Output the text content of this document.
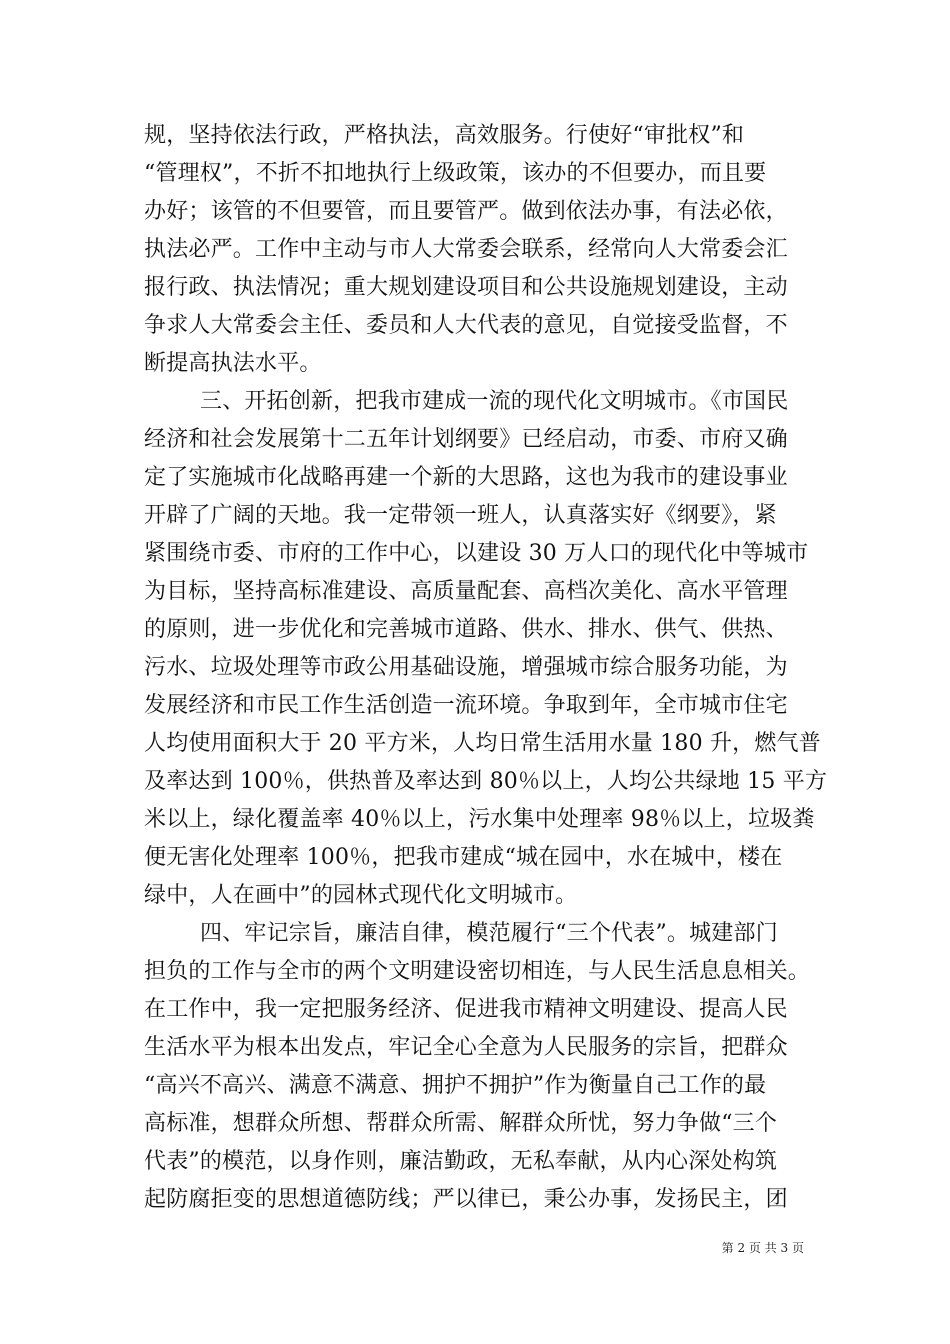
规，坚持依法行政，严格执法，高效服务。行使好“审批权”和
“管理权”，不折不扣地执行上级政策，该办的不但要办，而且要
办好；该管的不但要管，而且要管严。做到依法办事，有法必依，
执法必严。工作中主动与市人大常委会联系，经常向人大常委会汇
报行政、执法情况；重大规划建设项目和公共设施规划建设，主动
争求人大常委会主任、委员和人大代表的意见，自觉接受监督，不
断提高执法水平。
三、开拓创新，把我市建成一流的现代化文明城市。《市国民
经济和社会发展第十二五年计划纲要》已经启动，市委、市府又确
定了实施城市化战略再建一个新的大思路，这也为我市的建设事业
开辟了广阔的天地。我一定带领一班人，认真落实好《纲要》，紧
紧围绕市委、市府的工作中心，以建设 30 万人口的现代化中等城市
为目标，坚持高标准建设、高质量配套、高档次美化、高水平管理
的原则，进一步优化和完善城市道路、供水、排水、供气、供热、
污水、垃圾处理等市政公用基础设施，增强城市综合服务功能，为
发展经济和市民工作生活创造一流环境。争取到年，全市城市住宅
人均使用面积大于 20 平方米，人均日常生活用水量 180 升，燃气普
及率达到 100％，供热普及率达到 80％以上，人均公共绿地 15 平方
米以上，绿化覆盖率 40％以上，污水集中处理率 98％以上，垃圾粪
便无害化处理率 100％，把我市建成“城在园中，水在城中，楼在
绿中，人在画中”的园林式现代化文明城市。
四、牢记宗旨，廉洁自律，模范履行“三个代表”。城建部门
担负的工作与全市的两个文明建设密切相连，与人民生活息息相关。
在工作中，我一定把服务经济、促进我市精神文明建设、提高人民
生活水平为根本出发点，牢记全心全意为人民服务的宗旨，把群众
“高兴不高兴、满意不满意、拥护不拥护”作为衡量自己工作的最
高标准，想群众所想、帮群众所需、解群众所忧，努力争做“三个
代表”的模范，以身作则，廉洁勤政，无私奉献，从内心深处构筑
起防腐拒变的思想道德防线；严以律已，秉公办事，发扬民主，团
第 2 页 共 3 页
